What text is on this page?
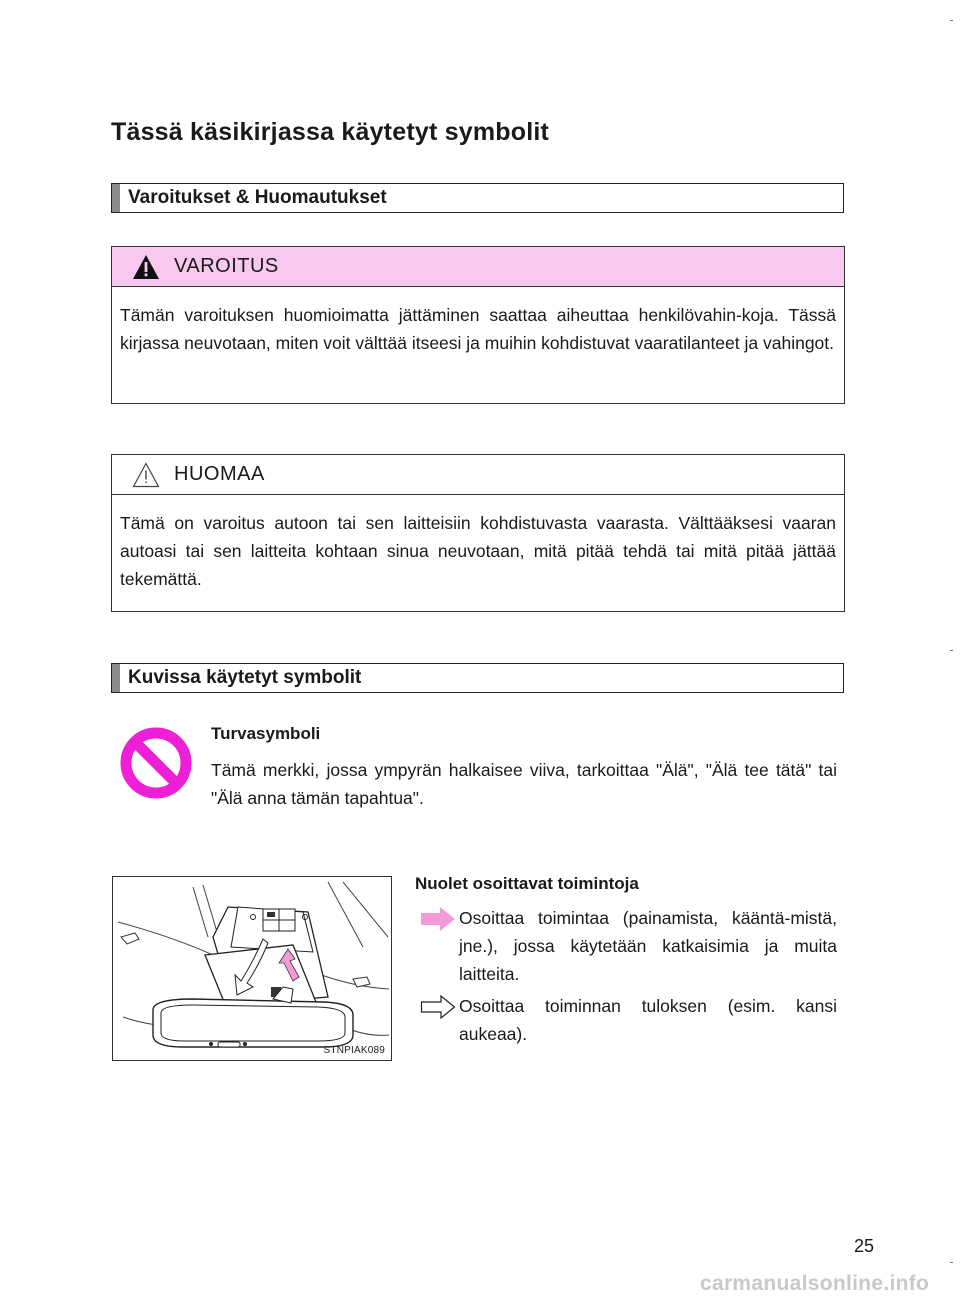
Tässä käsikirjassa käytetyt symbolit
Varoitukset & Huomautukset
VAROITUS
Tämän varoituksen huomioimatta jättäminen saattaa aiheuttaa henkilövahin-koja. Tässä kirjassa neuvotaan, miten voit välttää itseesi ja muihin kohdistuvat vaaratilanteet ja vahingot.
HUOMAA
Tämä on varoitus autoon tai sen laitteisiin kohdistuvasta vaarasta. Välttääksesi vaaran autoasi tai sen laitteita kohtaan sinua neuvotaan, mitä pitää tehdä tai mitä pitää jättää tekemättä.
Kuvissa käytetyt symbolit
Turvasymboli
Tämä merkki, jossa ympyrän halkaisee viiva, tarkoittaa "Älä", "Älä tee tätä" tai "Älä anna tämän tapahtua".
STNPIAK089
Nuolet osoittavat toimintoja
Osoittaa toimintaa (painamista, kääntä-mistä, jne.), jossa käytetään katkaisimia ja muita laitteita.
Osoittaa toiminnan tuloksen (esim. kansi aukeaa).
25
carmanualsonline.info
